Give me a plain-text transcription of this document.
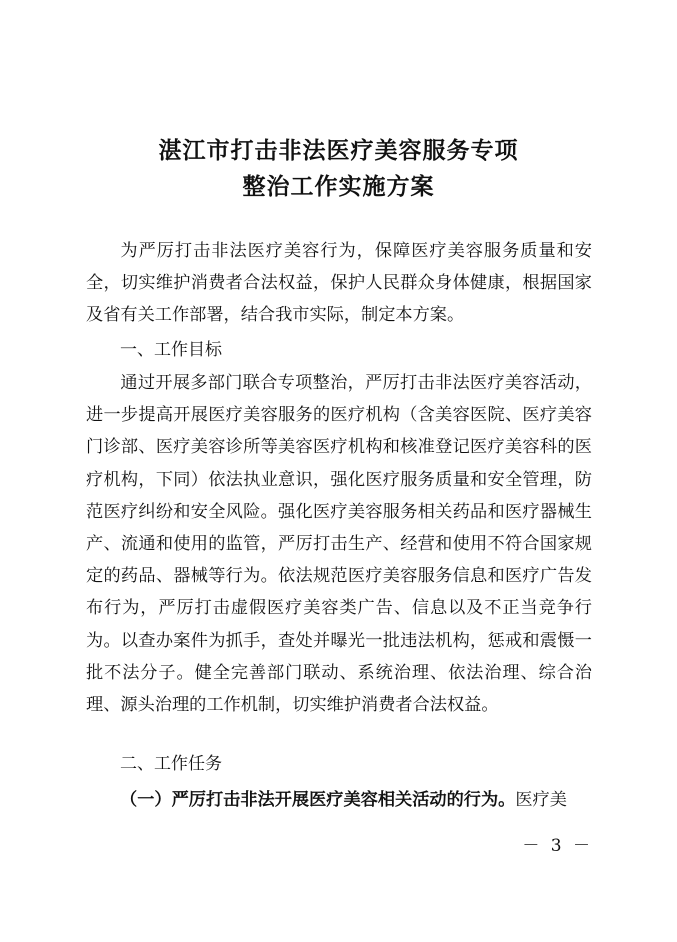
湛江市打击非法医疗美容服务专项
整治工作实施方案
为严厉打击非法医疗美容行为，保障医疗美容服务质量和安全，切实维护消费者合法权益，保护人民群众身体健康，根据国家及省有关工作部署，结合我市实际，制定本方案。
一、工作目标
通过开展多部门联合专项整治，严厉打击非法医疗美容活动，进一步提高开展医疗美容服务的医疗机构（含美容医院、医疗美容门诊部、医疗美容诊所等美容医疗机构和核准登记医疗美容科的医疗机构，下同）依法执业意识，强化医疗服务质量和安全管理，防范医疗纠纷和安全风险。强化医疗美容服务相关药品和医疗器械生产、流通和使用的监管，严厉打击生产、经营和使用不符合国家规定的药品、器械等行为。依法规范医疗美容服务信息和医疗广告发布行为，严厉打击虚假医疗美容类广告、信息以及不正当竞争行为。以查办案件为抓手，查处并曝光一批违法机构，惩戒和震慑一批不法分子。健全完善部门联动、系统治理、依法治理、综合治理、源头治理的工作机制，切实维护消费者合法权益。
二、工作任务
（一）严厉打击非法开展医疗美容相关活动的行为。医疗美
－ 3 －
